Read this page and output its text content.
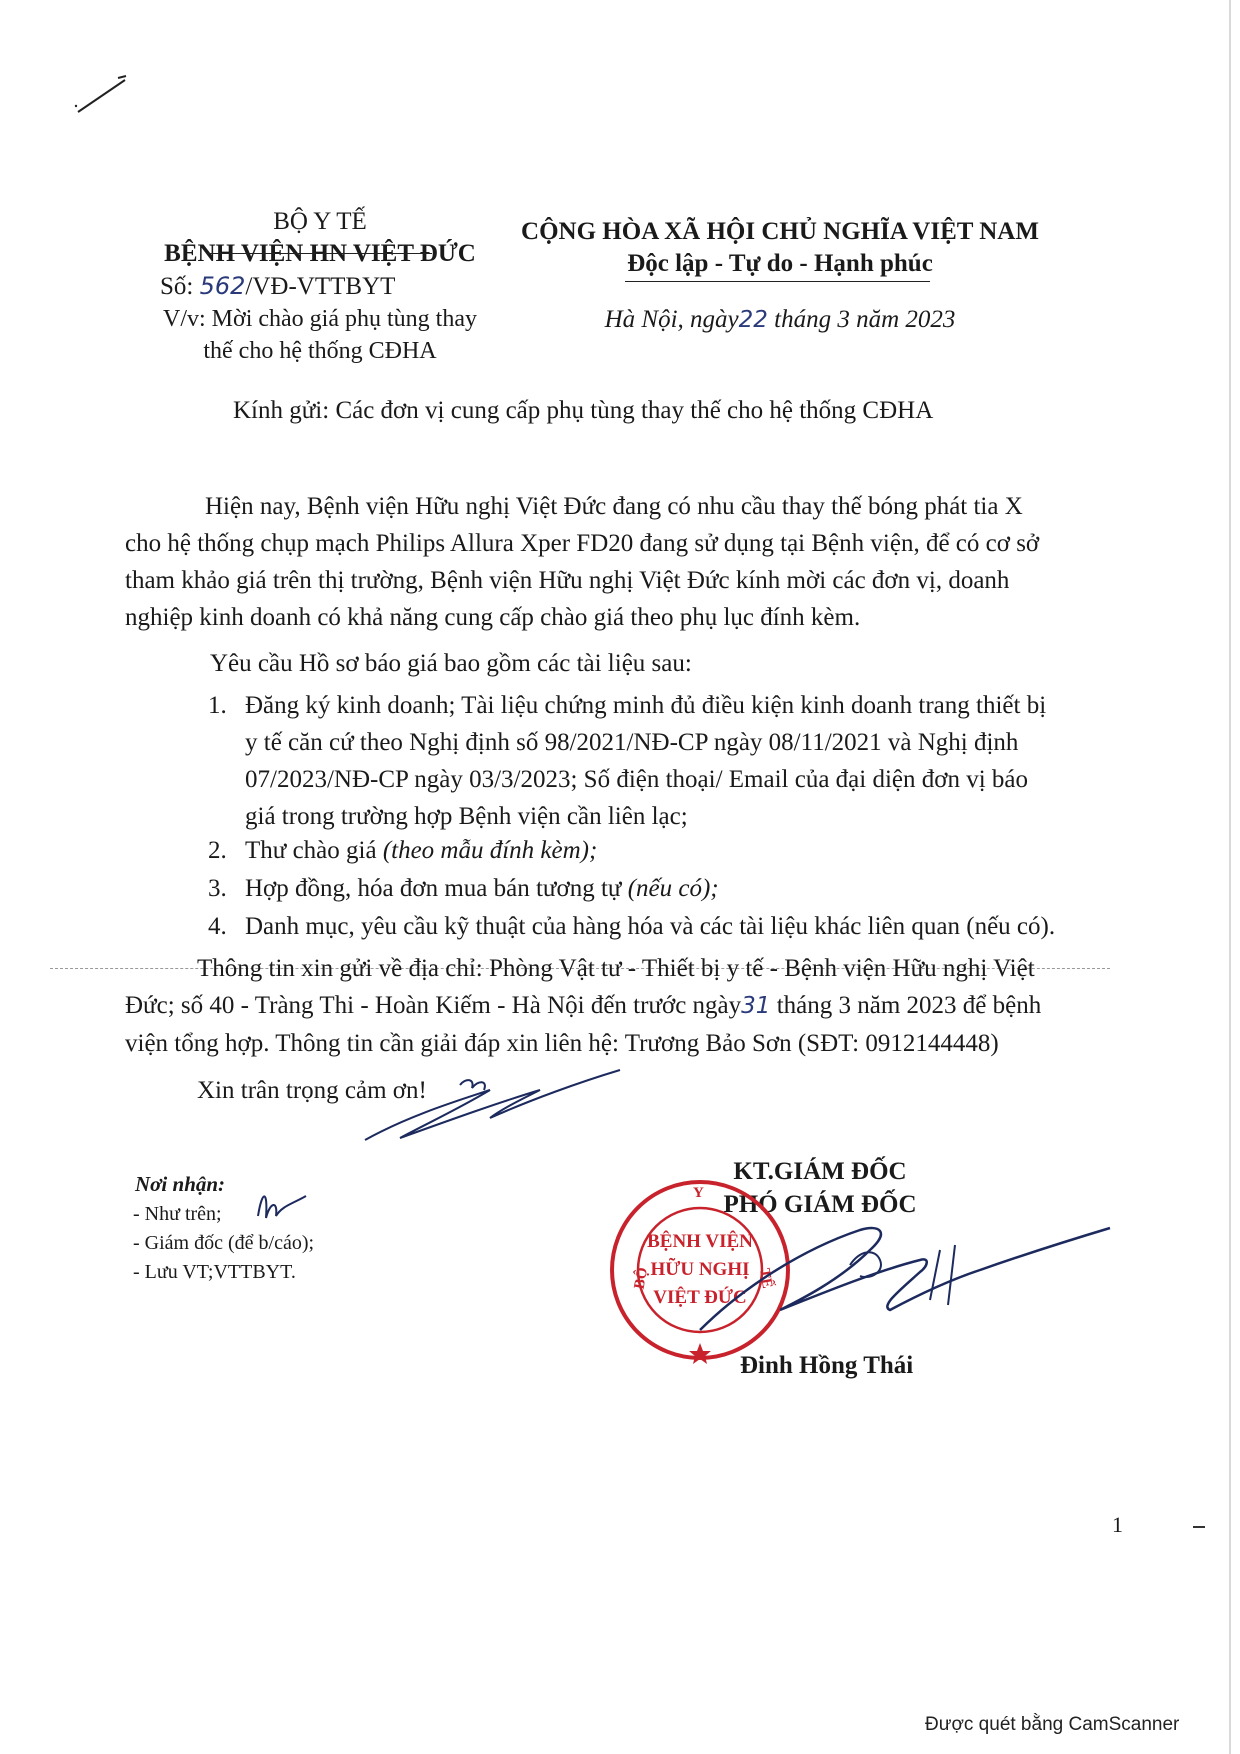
BỘ Y TẾ
BỆNH VIỆN HN VIỆT ĐỨC
Số: 562/VĐ-VTTBYT
V/v: Mời chào giá phụ tùng thay
thế cho hệ thống CĐHA
CỘNG HÒA XÃ HỘI CHỦ NGHĨA VIỆT NAM
Độc lập - Tự do - Hạnh phúc
Hà Nội, ngày22 tháng 3 năm 2023
Kính gửi: Các đơn vị cung cấp phụ tùng thay thế cho hệ thống CĐHA

Hiện nay, Bệnh viện Hữu nghị Việt Đức đang có nhu cầu thay thế bóng phát tia X

cho hệ thống chụp mạch Philips Allura Xper FD20 đang sử dụng tại Bệnh viện, để có cơ sở

tham khảo giá trên thị trường, Bệnh viện Hữu nghị Việt Đức kính mời các đơn vị, doanh

nghiệp kinh doanh có khả năng cung cấp chào giá theo phụ lục đính kèm.

Yêu cầu Hồ sơ báo giá bao gồm các tài liệu sau:
1. Đăng ký kinh doanh; Tài liệu chứng minh đủ điều kiện kinh doanh trang thiết bị
y tế căn cứ theo Nghị định số 98/2021/NĐ-CP ngày 08/11/2021 và Nghị định
07/2023/NĐ-CP ngày 03/3/2023; Số điện thoại/ Email của đại diện đơn vị báo
giá trong trường hợp Bệnh viện cần liên lạc;
2. Thư chào giá (theo mẫu đính kèm);
3. Hợp đồng, hóa đơn mua bán tương tự (nếu có);
4. Danh mục, yêu cầu kỹ thuật của hàng hóa và các tài liệu khác liên quan (nếu có).

Thông tin xin gửi về địa chỉ: Phòng Vật tư - Thiết bị y tế - Bệnh viện Hữu nghị Việt

Đức; số 40 - Tràng Thi - Hoàn Kiếm - Hà Nội đến trước ngày31 tháng 3 năm 2023 để bệnh

viện tổng hợp. Thông tin cần giải đáp xin liên hệ: Trương Bảo Sơn (SĐT: 0912144448)

Xin trân trọng cảm ơn!
Nơi nhận:
- Như trên;
- Giám đốc (để b/cáo);
- Lưu VT;VTTBYT.
KT.GIÁM ĐỐC
PHÓ GIÁM ĐỐC
Đinh Hồng Thái
BỘ
Y
TẾ
BỆNH VIỆN
HỮU NGHỊ
VIỆT ĐỨC
1
Được quét bằng CamScanner
